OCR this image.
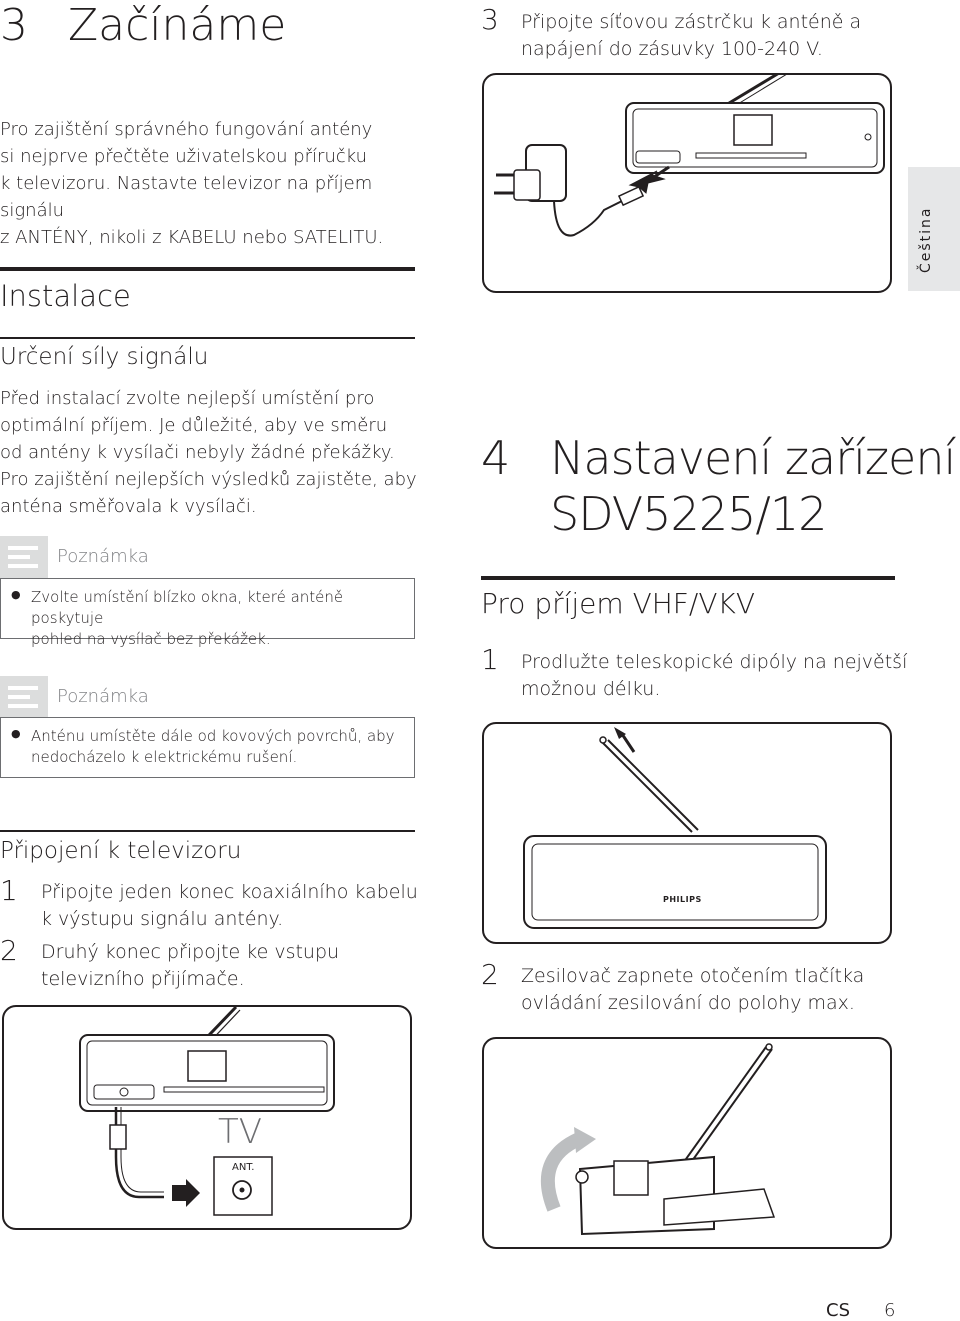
3 Začínáme
Pro zajištění správného fungování antény
si nejprve přečtěte uživatelskou příručku
k televizoru. Nastavte televizor na příjem signálu
z ANTÉNY, nikoli z KABELU nebo SATELITU.
Instalace
Určení síly signálu
Před instalací zvolte nejlepší umístění pro
optimální příjem. Je důležité, aby ve směru
od antény k vysílači nebyly žádné překážky.
Pro zajištění nejlepších výsledků zajistěte, aby
anténa směřovala k vysílači.
Poznámka
● Zvolte umístění blízko okna, které anténě poskytuje
pohled na vysílač bez překážek.
Poznámka
● Anténu umístěte dále od kovových povrchů, aby
nedocházelo k elektrickému rušení.
Připojení k televizoru
1 Připojte jeden konec koaxiálního kabelu
k výstupu signálu antény.
2 Druhý konec připojte ke vstupu
televizního přijímače.
TV
ANT.
3 Připojte síťovou zástrčku k anténě a
napájení do zásuvky 100-240 V.
Čeština
4 Nastavení zařízení
SDV5225/12
Pro příjem VHF/VKV
1 Prodlužte teleskopické dipóly na největší
možnou délku.
PHILIPS
2 Zesilovač zapnete otočením tlačítka
ovládání zesilování do polohy max.
CS 6
